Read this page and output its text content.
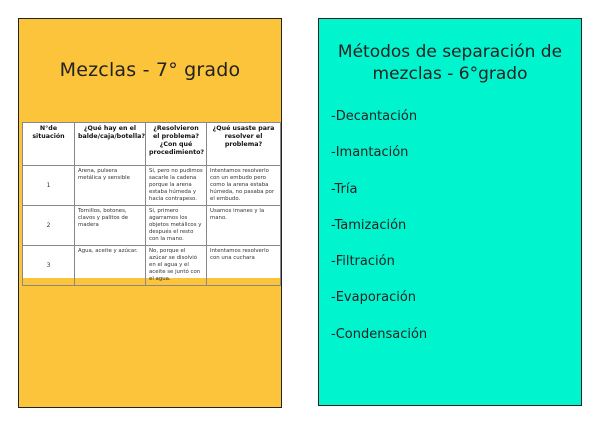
Mezclas - 7° grado
N°de situación	¿Qué hay en el balde/caja/botella?	¿Resolvieron el problema? ¿Con qué procedimiento?	¿Qué usaste para resolver el problema?
1	Arena, pulsera metálica y sensible	Sí, pero no pudimos sacarle la cadena porque la arena estaba húmeda y hacía contrapeso.	Intentamos resolverlo con un embudo pero como la arena estaba húmeda, no pasaba por el embudo.
2	Tornillos, botones, clavos y palitos de madera	Sí, primero agarramos los objetos metálicos y después el resto con la mano.	Usamos imanes y la mano.
3	Agua, aceite y azúcar.	No, porque el azúcar se disolvió en el agua y el aceite se juntó con el agua.	Intentamos resolverlo con una cuchara
Métodos de separación de
mezclas - 6°grado
-Decantación
-Imantación
-Tría
-Tamización
-Filtración
-Evaporación
-Condensación
